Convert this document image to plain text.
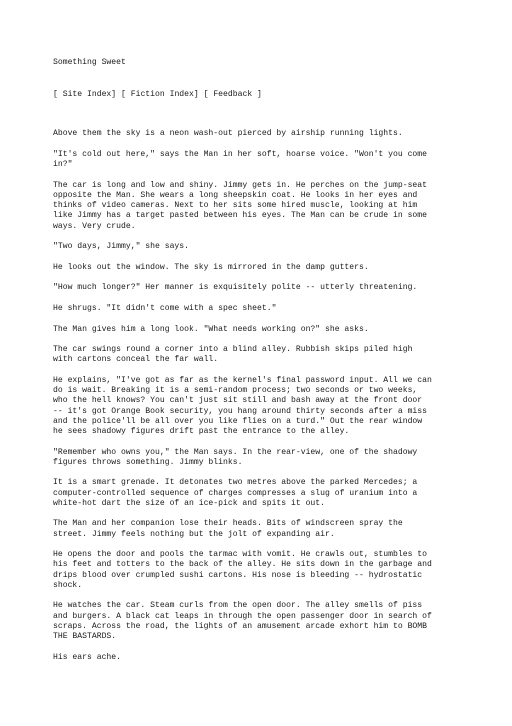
Something Sweet
[ Site Index] [ Fiction Index] [ Feedback ]

Above them the sky is a neon wash-out pierced by airship running lights.

"It's cold out here," says the Man in her soft, hoarse voice. "Won't you come
in?"

The car is long and low and shiny. Jimmy gets in. He perches on the jump-seat
opposite the Man. She wears a long sheepskin coat. He looks in her eyes and
thinks of video cameras. Next to her sits some hired muscle, looking at him
like Jimmy has a target pasted between his eyes. The Man can be crude in some
ways. Very crude.

"Two days, Jimmy," she says.

He looks out the window. The sky is mirrored in the damp gutters.

"How much longer?" Her manner is exquisitely polite -- utterly threatening.

He shrugs. "It didn't come with a spec sheet."

The Man gives him a long look. "What needs working on?" she asks.

The car swings round a corner into a blind alley. Rubbish skips piled high
with cartons conceal the far wall.

He explains, "I've got as far as the kernel's final password input. All we can
do is wait. Breaking it is a semi-random process; two seconds or two weeks,
who the hell knows? You can't just sit still and bash away at the front door
-- it's got Orange Book security, you hang around thirty seconds after a miss
and the police'll be all over you like flies on a turd." Out the rear window
he sees shadowy figures drift past the entrance to the alley.

"Remember who owns you," the Man says. In the rear-view, one of the shadowy
figures throws something. Jimmy blinks.

It is a smart grenade. It detonates two metres above the parked Mercedes; a
computer-controlled sequence of charges compresses a slug of uranium into a
white-hot dart the size of an ice-pick and spits it out.

The Man and her companion lose their heads. Bits of windscreen spray the
street. Jimmy feels nothing but the jolt of expanding air.

He opens the door and pools the tarmac with vomit. He crawls out, stumbles to
his feet and totters to the back of the alley. He sits down in the garbage and
drips blood over crumpled sushi cartons. His nose is bleeding -- hydrostatic
shock.

He watches the car. Steam curls from the open door. The alley smells of piss
and burgers. A black cat leaps in through the open passenger door in search of
scraps. Across the road, the lights of an amusement arcade exhort him to BOMB
THE BASTARDS.

His ears ache.
